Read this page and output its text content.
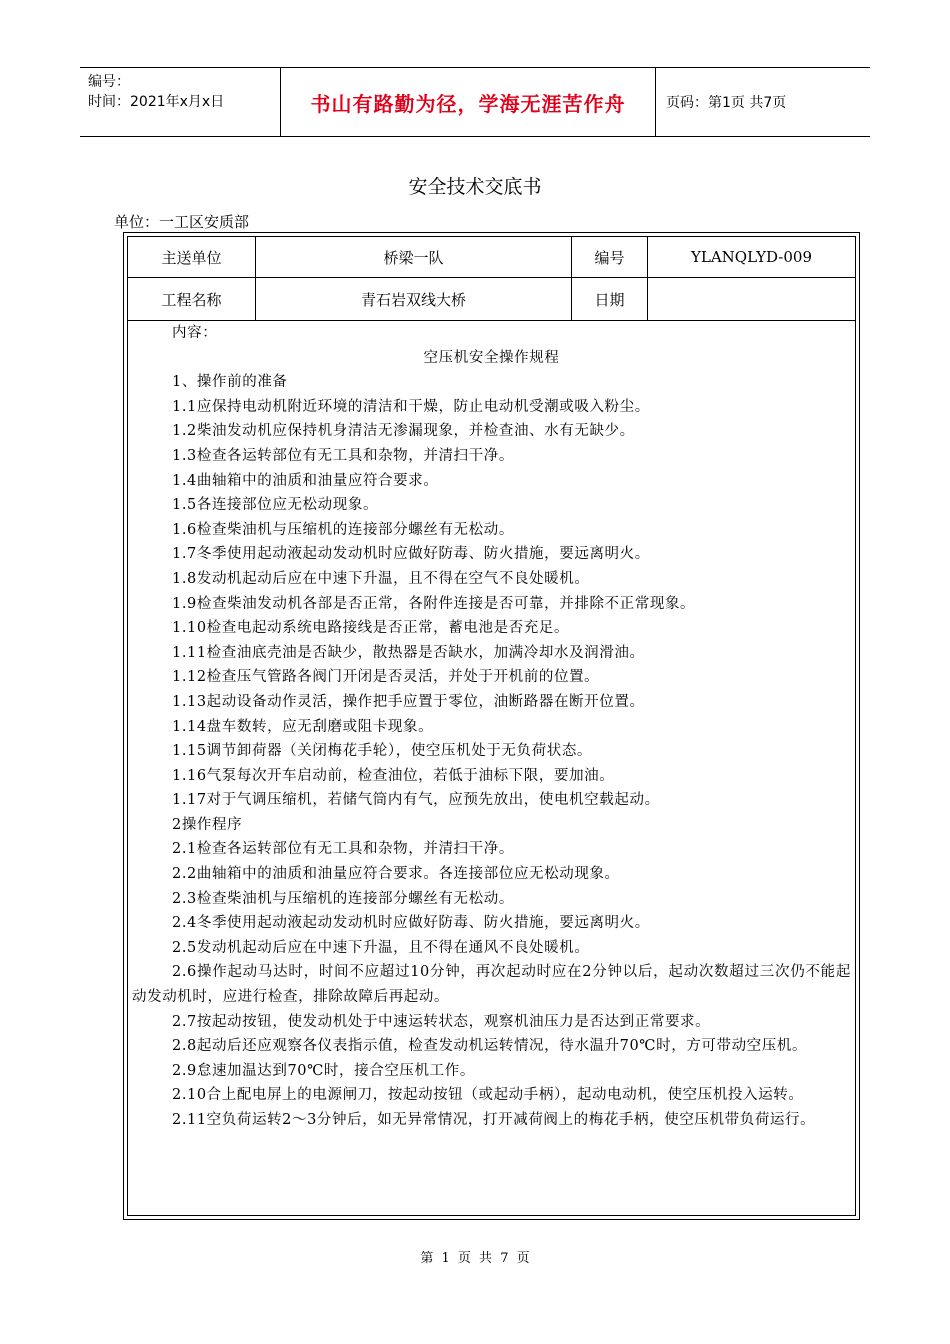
编号：
时间：2021年x月x日	书山有路勤为径，学海无涯苦作舟	页码：第1页 共7页
安全技术交底书
单位：一工区安质部
主送单位	桥梁一队	编号	YLANQLYD-009
工程名称	青石岩双线大桥	日期

内容：

空压机安全操作规程

1、操作前的准备

1.1应保持电动机附近环境的清洁和干燥，防止电动机受潮或吸入粉尘。

1.2柴油发动机应保持机身清洁无渗漏现象，并检查油、水有无缺少。

1.3检查各运转部位有无工具和杂物，并清扫干净。

1.4曲轴箱中的油质和油量应符合要求。

1.5各连接部位应无松动现象。

1.6检查柴油机与压缩机的连接部分螺丝有无松动。

1.7冬季使用起动液起动发动机时应做好防毒、防火措施，要远离明火。

1.8发动机起动后应在中速下升温，且不得在空气不良处暖机。

1.9检查柴油发动机各部是否正常，各附件连接是否可靠，并排除不正常现象。

1.10检查电起动系统电路接线是否正常，蓄电池是否充足。

1.11检查油底壳油是否缺少，散热器是否缺水，加满冷却水及润滑油。

1.12检查压气管路各阀门开闭是否灵活，并处于开机前的位置。

1.13起动设备动作灵活，操作把手应置于零位，油断路器在断开位置。

1.14盘车数转，应无刮磨或阻卡现象。

1.15调节卸荷器（关闭梅花手轮），使空压机处于无负荷状态。

1.16气泵每次开车启动前，检查油位，若低于油标下限，要加油。

1.17对于气调压缩机，若储气筒内有气，应预先放出，使电机空载起动。

2操作程序

2.1检查各运转部位有无工具和杂物，并清扫干净。

2.2曲轴箱中的油质和油量应符合要求。各连接部位应无松动现象。

2.3检查柴油机与压缩机的连接部分螺丝有无松动。

2.4冬季使用起动液起动发动机时应做好防毒、防火措施，要远离明火。

2.5发动机起动后应在中速下升温，且不得在通风不良处暖机。

2.6操作起动马达时，时间不应超过10分钟，再次起动时应在2分钟以后，起动次数超过三次仍不能起动发动机时，应进行检查，排除故障后再起动。

2.7按起动按钮，使发动机处于中速运转状态，观察机油压力是否达到正常要求。

2.8起动后还应观察各仪表指示值，检查发动机运转情况，待水温升70℃时，方可带动空压机。

2.9怠速加温达到70℃时，接合空压机工作。

2.10合上配电屏上的电源闸刀，按起动按钮（或起动手柄），起动电动机，使空压机投入运转。

2.11空负荷运转2～3分钟后，如无异常情况，打开减荷阀上的梅花手柄，使空压机带负荷运行。

第 1 页 共 7 页
